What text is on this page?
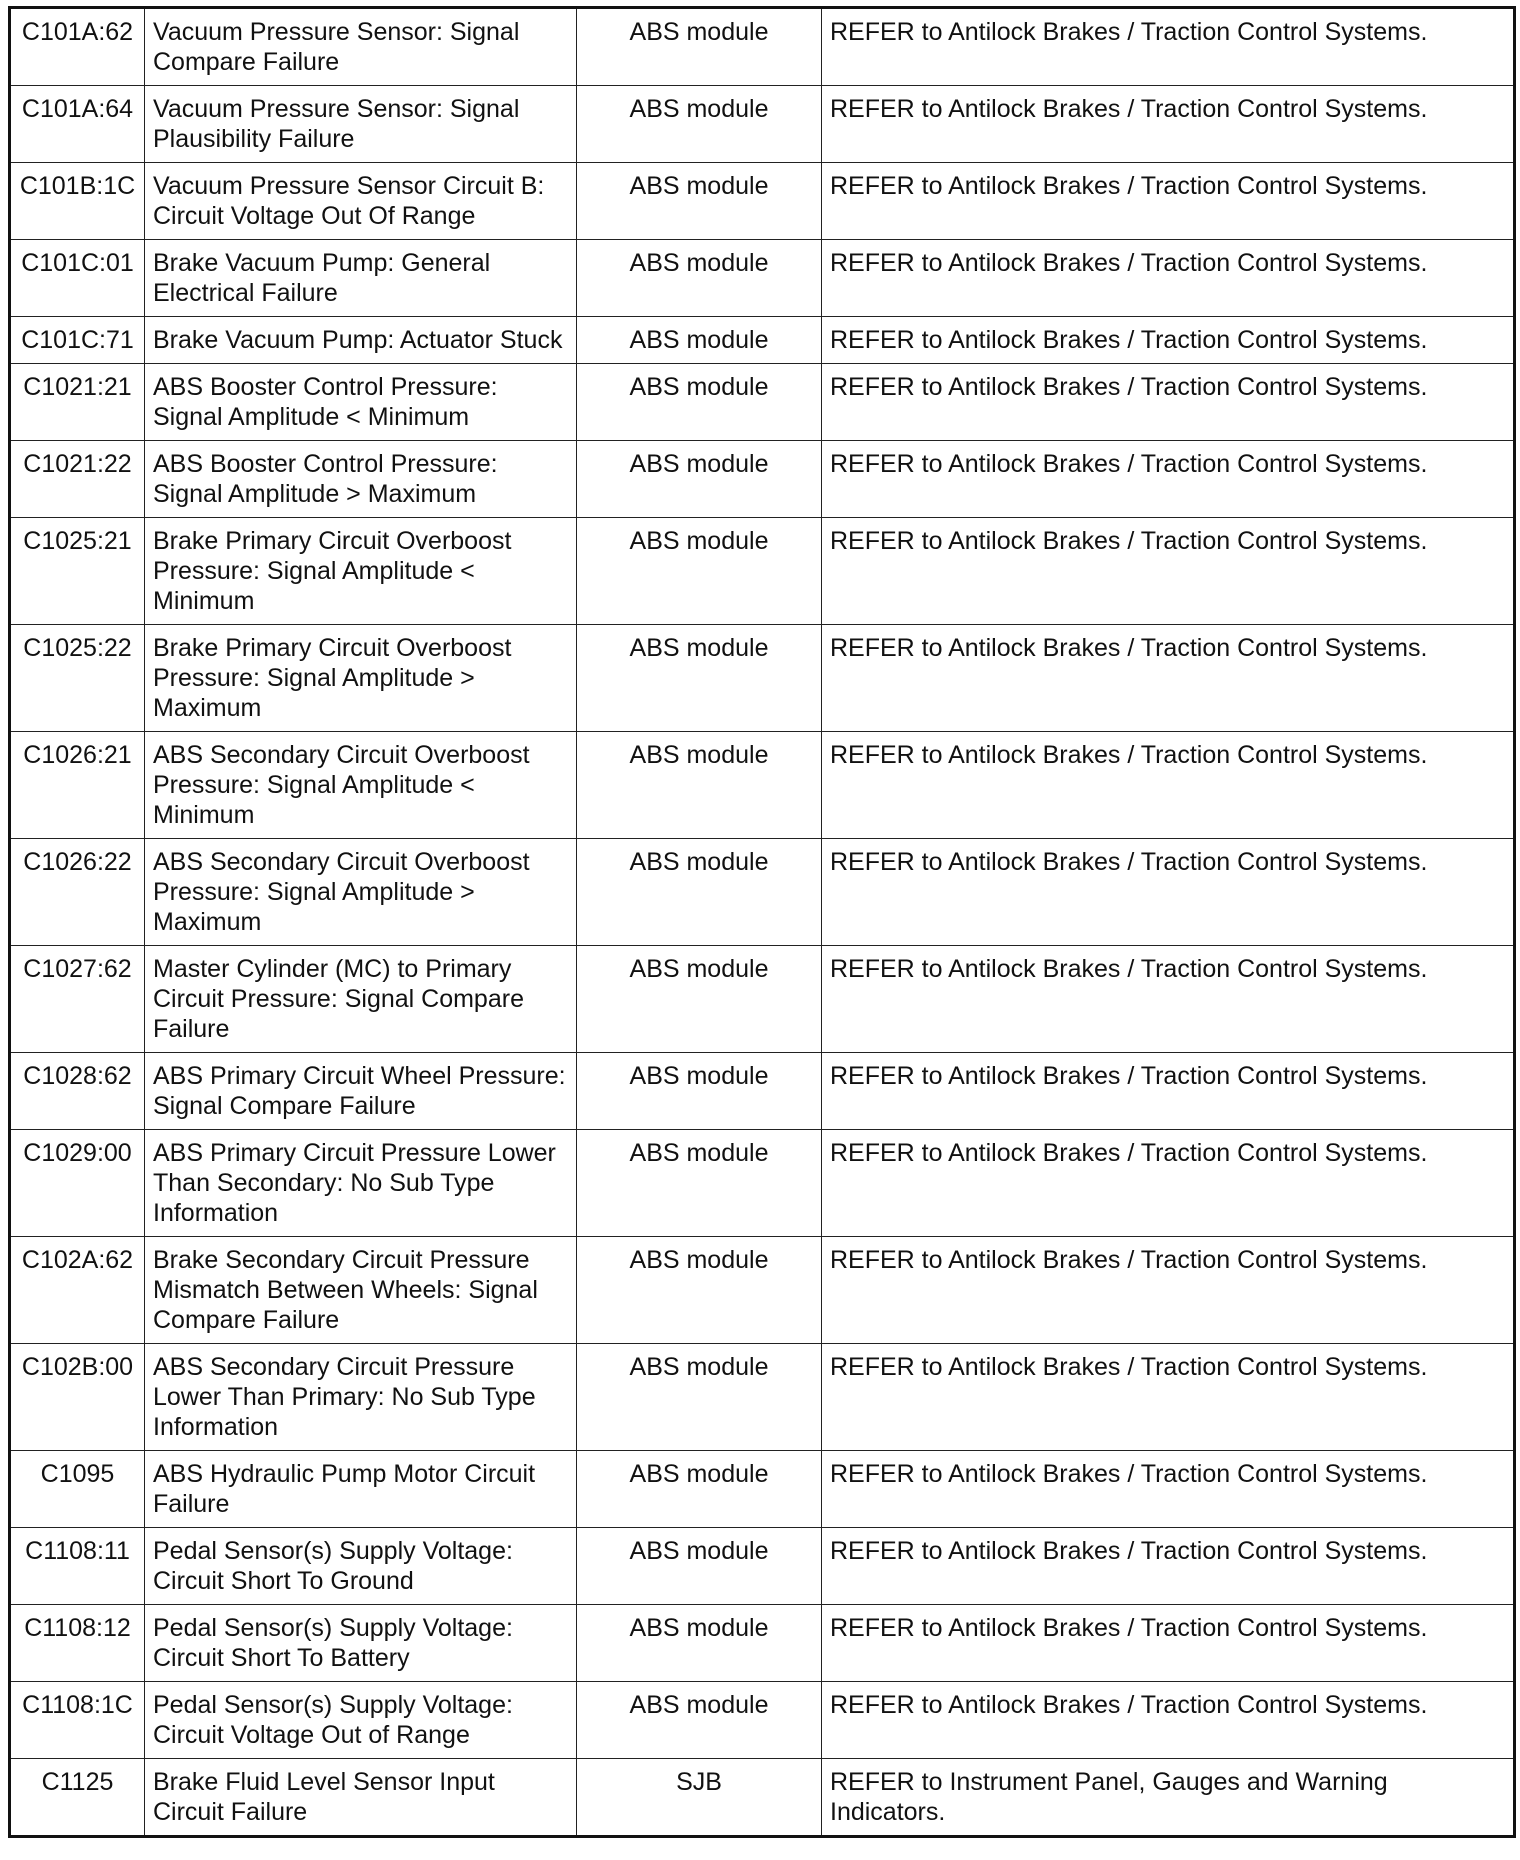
C101A:62	Vacuum Pressure Sensor: Signal Compare Failure	ABS module	REFER to Antilock Brakes / Traction Control Systems.
C101A:64	Vacuum Pressure Sensor: Signal Plausibility Failure	ABS module	REFER to Antilock Brakes / Traction Control Systems.
C101B:1C	Vacuum Pressure Sensor Circuit B: Circuit Voltage Out Of Range	ABS module	REFER to Antilock Brakes / Traction Control Systems.
C101C:01	Brake Vacuum Pump: General Electrical Failure	ABS module	REFER to Antilock Brakes / Traction Control Systems.
C101C:71	Brake Vacuum Pump: Actuator Stuck	ABS module	REFER to Antilock Brakes / Traction Control Systems.
C1021:21	ABS Booster Control Pressure: Signal Amplitude < Minimum	ABS module	REFER to Antilock Brakes / Traction Control Systems.
C1021:22	ABS Booster Control Pressure: Signal Amplitude > Maximum	ABS module	REFER to Antilock Brakes / Traction Control Systems.
C1025:21	Brake Primary Circuit Overboost Pressure: Signal Amplitude < Minimum	ABS module	REFER to Antilock Brakes / Traction Control Systems.
C1025:22	Brake Primary Circuit Overboost Pressure: Signal Amplitude > Maximum	ABS module	REFER to Antilock Brakes / Traction Control Systems.
C1026:21	ABS Secondary Circuit Overboost Pressure: Signal Amplitude < Minimum	ABS module	REFER to Antilock Brakes / Traction Control Systems.
C1026:22	ABS Secondary Circuit Overboost Pressure: Signal Amplitude > Maximum	ABS module	REFER to Antilock Brakes / Traction Control Systems.
C1027:62	Master Cylinder (MC) to Primary Circuit Pressure: Signal Compare Failure	ABS module	REFER to Antilock Brakes / Traction Control Systems.
C1028:62	ABS Primary Circuit Wheel Pressure: Signal Compare Failure	ABS module	REFER to Antilock Brakes / Traction Control Systems.
C1029:00	ABS Primary Circuit Pressure Lower Than Secondary: No Sub Type Information	ABS module	REFER to Antilock Brakes / Traction Control Systems.
C102A:62	Brake Secondary Circuit Pressure Mismatch Between Wheels: Signal Compare Failure	ABS module	REFER to Antilock Brakes / Traction Control Systems.
C102B:00	ABS Secondary Circuit Pressure Lower Than Primary: No Sub Type Information	ABS module	REFER to Antilock Brakes / Traction Control Systems.
C1095	ABS Hydraulic Pump Motor Circuit Failure	ABS module	REFER to Antilock Brakes / Traction Control Systems.
C1108:11	Pedal Sensor(s) Supply Voltage: Circuit Short To Ground	ABS module	REFER to Antilock Brakes / Traction Control Systems.
C1108:12	Pedal Sensor(s) Supply Voltage: Circuit Short To Battery	ABS module	REFER to Antilock Brakes / Traction Control Systems.
C1108:1C	Pedal Sensor(s) Supply Voltage: Circuit Voltage Out of Range	ABS module	REFER to Antilock Brakes / Traction Control Systems.
C1125	Brake Fluid Level Sensor Input Circuit Failure	SJB	REFER to Instrument Panel, Gauges and Warning Indicators.
